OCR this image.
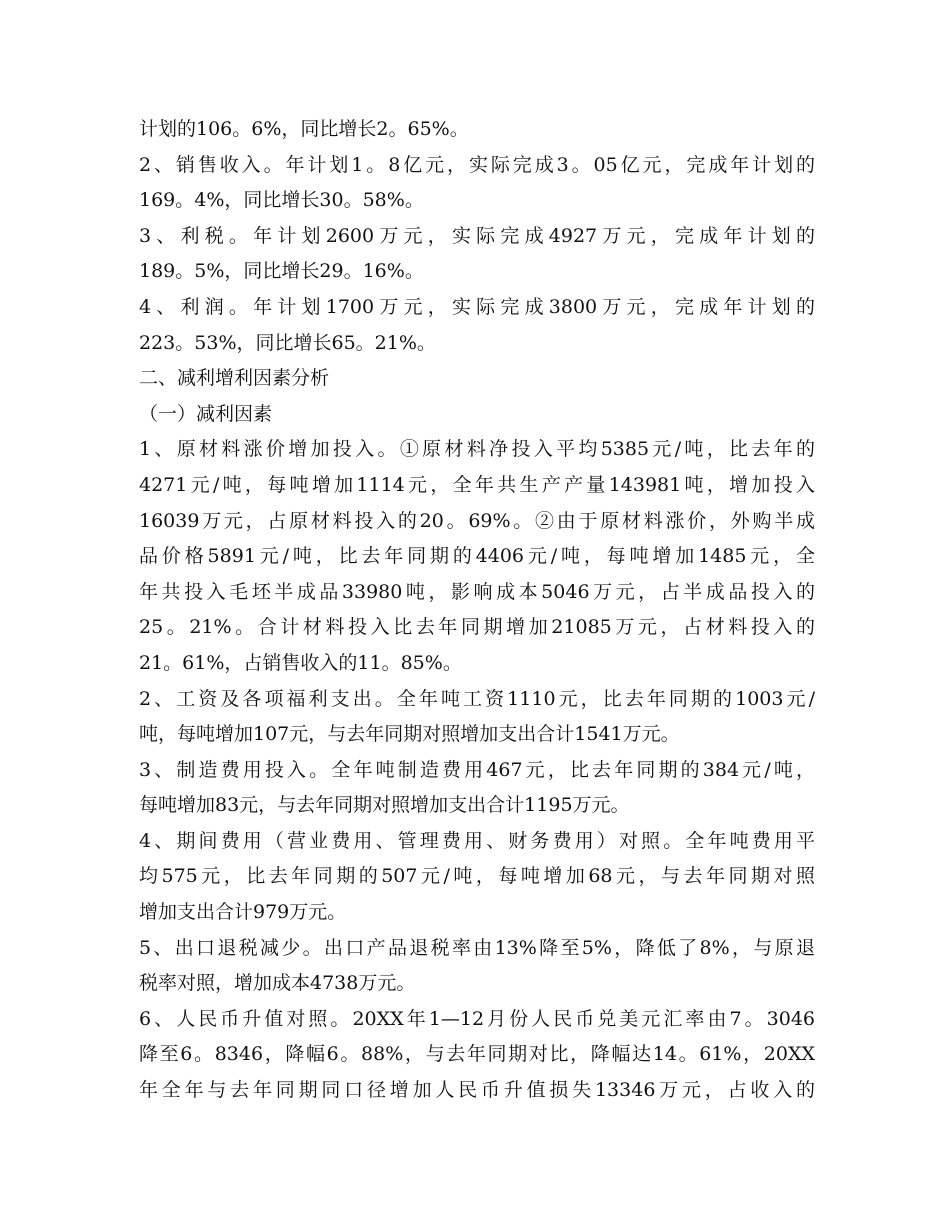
计划的106。6%，同比增长2。65%。
2、销售收入。年计划1。8亿元，实际完成3。05亿元，完成年计划的
169。4%，同比增长30。58%。
3、利税。年计划2600万元，实际完成4927万元，完成年计划的
189。5%，同比增长29。16%。
4、利润。年计划1700万元，实际完成3800万元，完成年计划的
223。53%，同比增长65。21%。
二、减利增利因素分析
（一）减利因素
1、原材料涨价增加投入。①原材料净投入平均5385元/吨，比去年的
4271元/吨，每吨增加1114元，全年共生产产量143981吨，增加投入
16039万元，占原材料投入的20。69%。②由于原材料涨价，外购半成
品价格5891元/吨，比去年同期的4406元/吨，每吨增加1485元，全
年共投入毛坯半成品33980吨，影响成本5046万元，占半成品投入的
25。21%。合计材料投入比去年同期增加21085万元，占材料投入的
21。61%，占销售收入的11。85%。
2、工资及各项福利支出。全年吨工资1110元，比去年同期的1003元/
吨，每吨增加107元，与去年同期对照增加支出合计1541万元。
3、制造费用投入。全年吨制造费用467元，比去年同期的384元/吨，
每吨增加83元，与去年同期对照增加支出合计1195万元。
4、期间费用（营业费用、管理费用、财务费用）对照。全年吨费用平
均575元，比去年同期的507元/吨，每吨增加68元，与去年同期对照
增加支出合计979万元。
5、出口退税减少。出口产品退税率由13%降至5%，降低了8%，与原退
税率对照，增加成本4738万元。
6、人民币升值对照。20XX年1—12月份人民币兑美元汇率由7。3046
降至6。8346，降幅6。88%，与去年同期对比，降幅达14。61%，20XX
年全年与去年同期同口径增加人民币升值损失13346万元，占收入的
